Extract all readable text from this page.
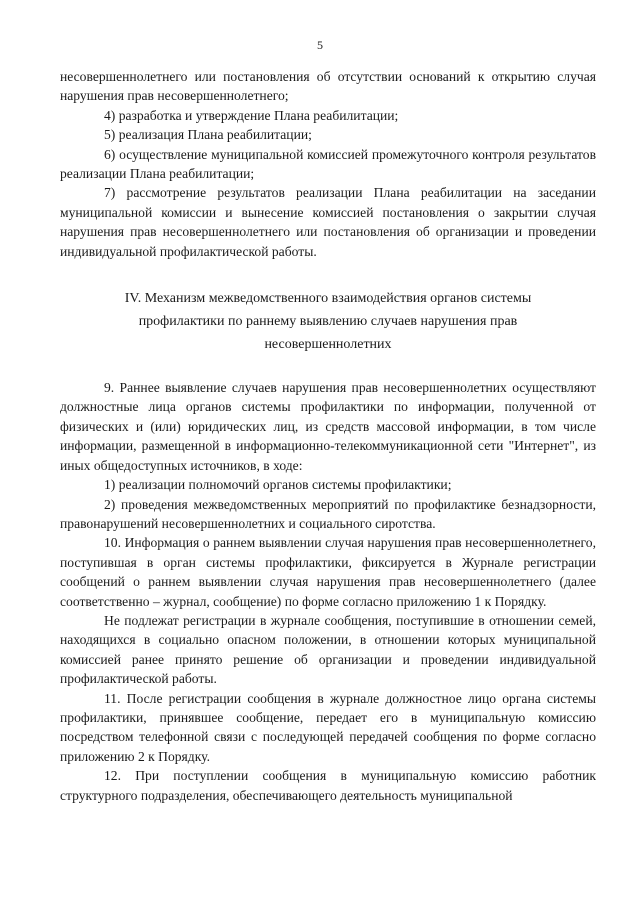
5

несовершеннолетнего или постановления об отсутствии оснований к открытию случая нарушения прав несовершеннолетнего;

4) разработка и утверждение Плана реабилитации;

5) реализация Плана реабилитации;

6) осуществление муниципальной комиссией промежуточного контроля результатов реализации Плана реабилитации;

7) рассмотрение результатов реализации Плана реабилитации на заседании муниципальной комиссии и вынесение комиссией постановления о закрытии случая нарушения прав несовершеннолетнего или постановления об организации и проведении индивидуальной профилактической работы.

IV. Механизм межведомственного взаимодействия органов системы
профилактики по раннему выявлению случаев нарушения прав
несовершеннолетних

9. Раннее выявление случаев нарушения прав несовершеннолетних осуществляют должностные лица органов системы профилактики по информации, полученной от физических и (или) юридических лиц, из средств массовой информации, в том числе информации, размещенной в информационно-телекоммуникационной сети "Интернет", из иных общедоступных источников, в ходе:

1) реализации полномочий органов системы профилактики;

2) проведения межведомственных мероприятий по профилактике безнадзорности, правонарушений несовершеннолетних и социального сиротства.

10. Информация о раннем выявлении случая нарушения прав несовершеннолетнего, поступившая в орган системы профилактики, фиксируется в Журнале регистрации сообщений о раннем выявлении случая нарушения прав несовершеннолетнего (далее соответственно – журнал, сообщение) по форме согласно приложению 1 к Порядку.

Не подлежат регистрации в журнале сообщения, поступившие в отношении семей, находящихся в социально опасном положении, в отношении которых муниципальной комиссией ранее принято решение об организации и проведении индивидуальной профилактической работы.

11. После регистрации сообщения в журнале должностное лицо органа системы профилактики, принявшее сообщение, передает его в муниципальную комиссию посредством телефонной связи с последующей передачей сообщения по форме согласно приложению 2 к Порядку.

12. При поступлении сообщения в муниципальную комиссию работник структурного подразделения, обеспечивающего деятельность муниципальной
